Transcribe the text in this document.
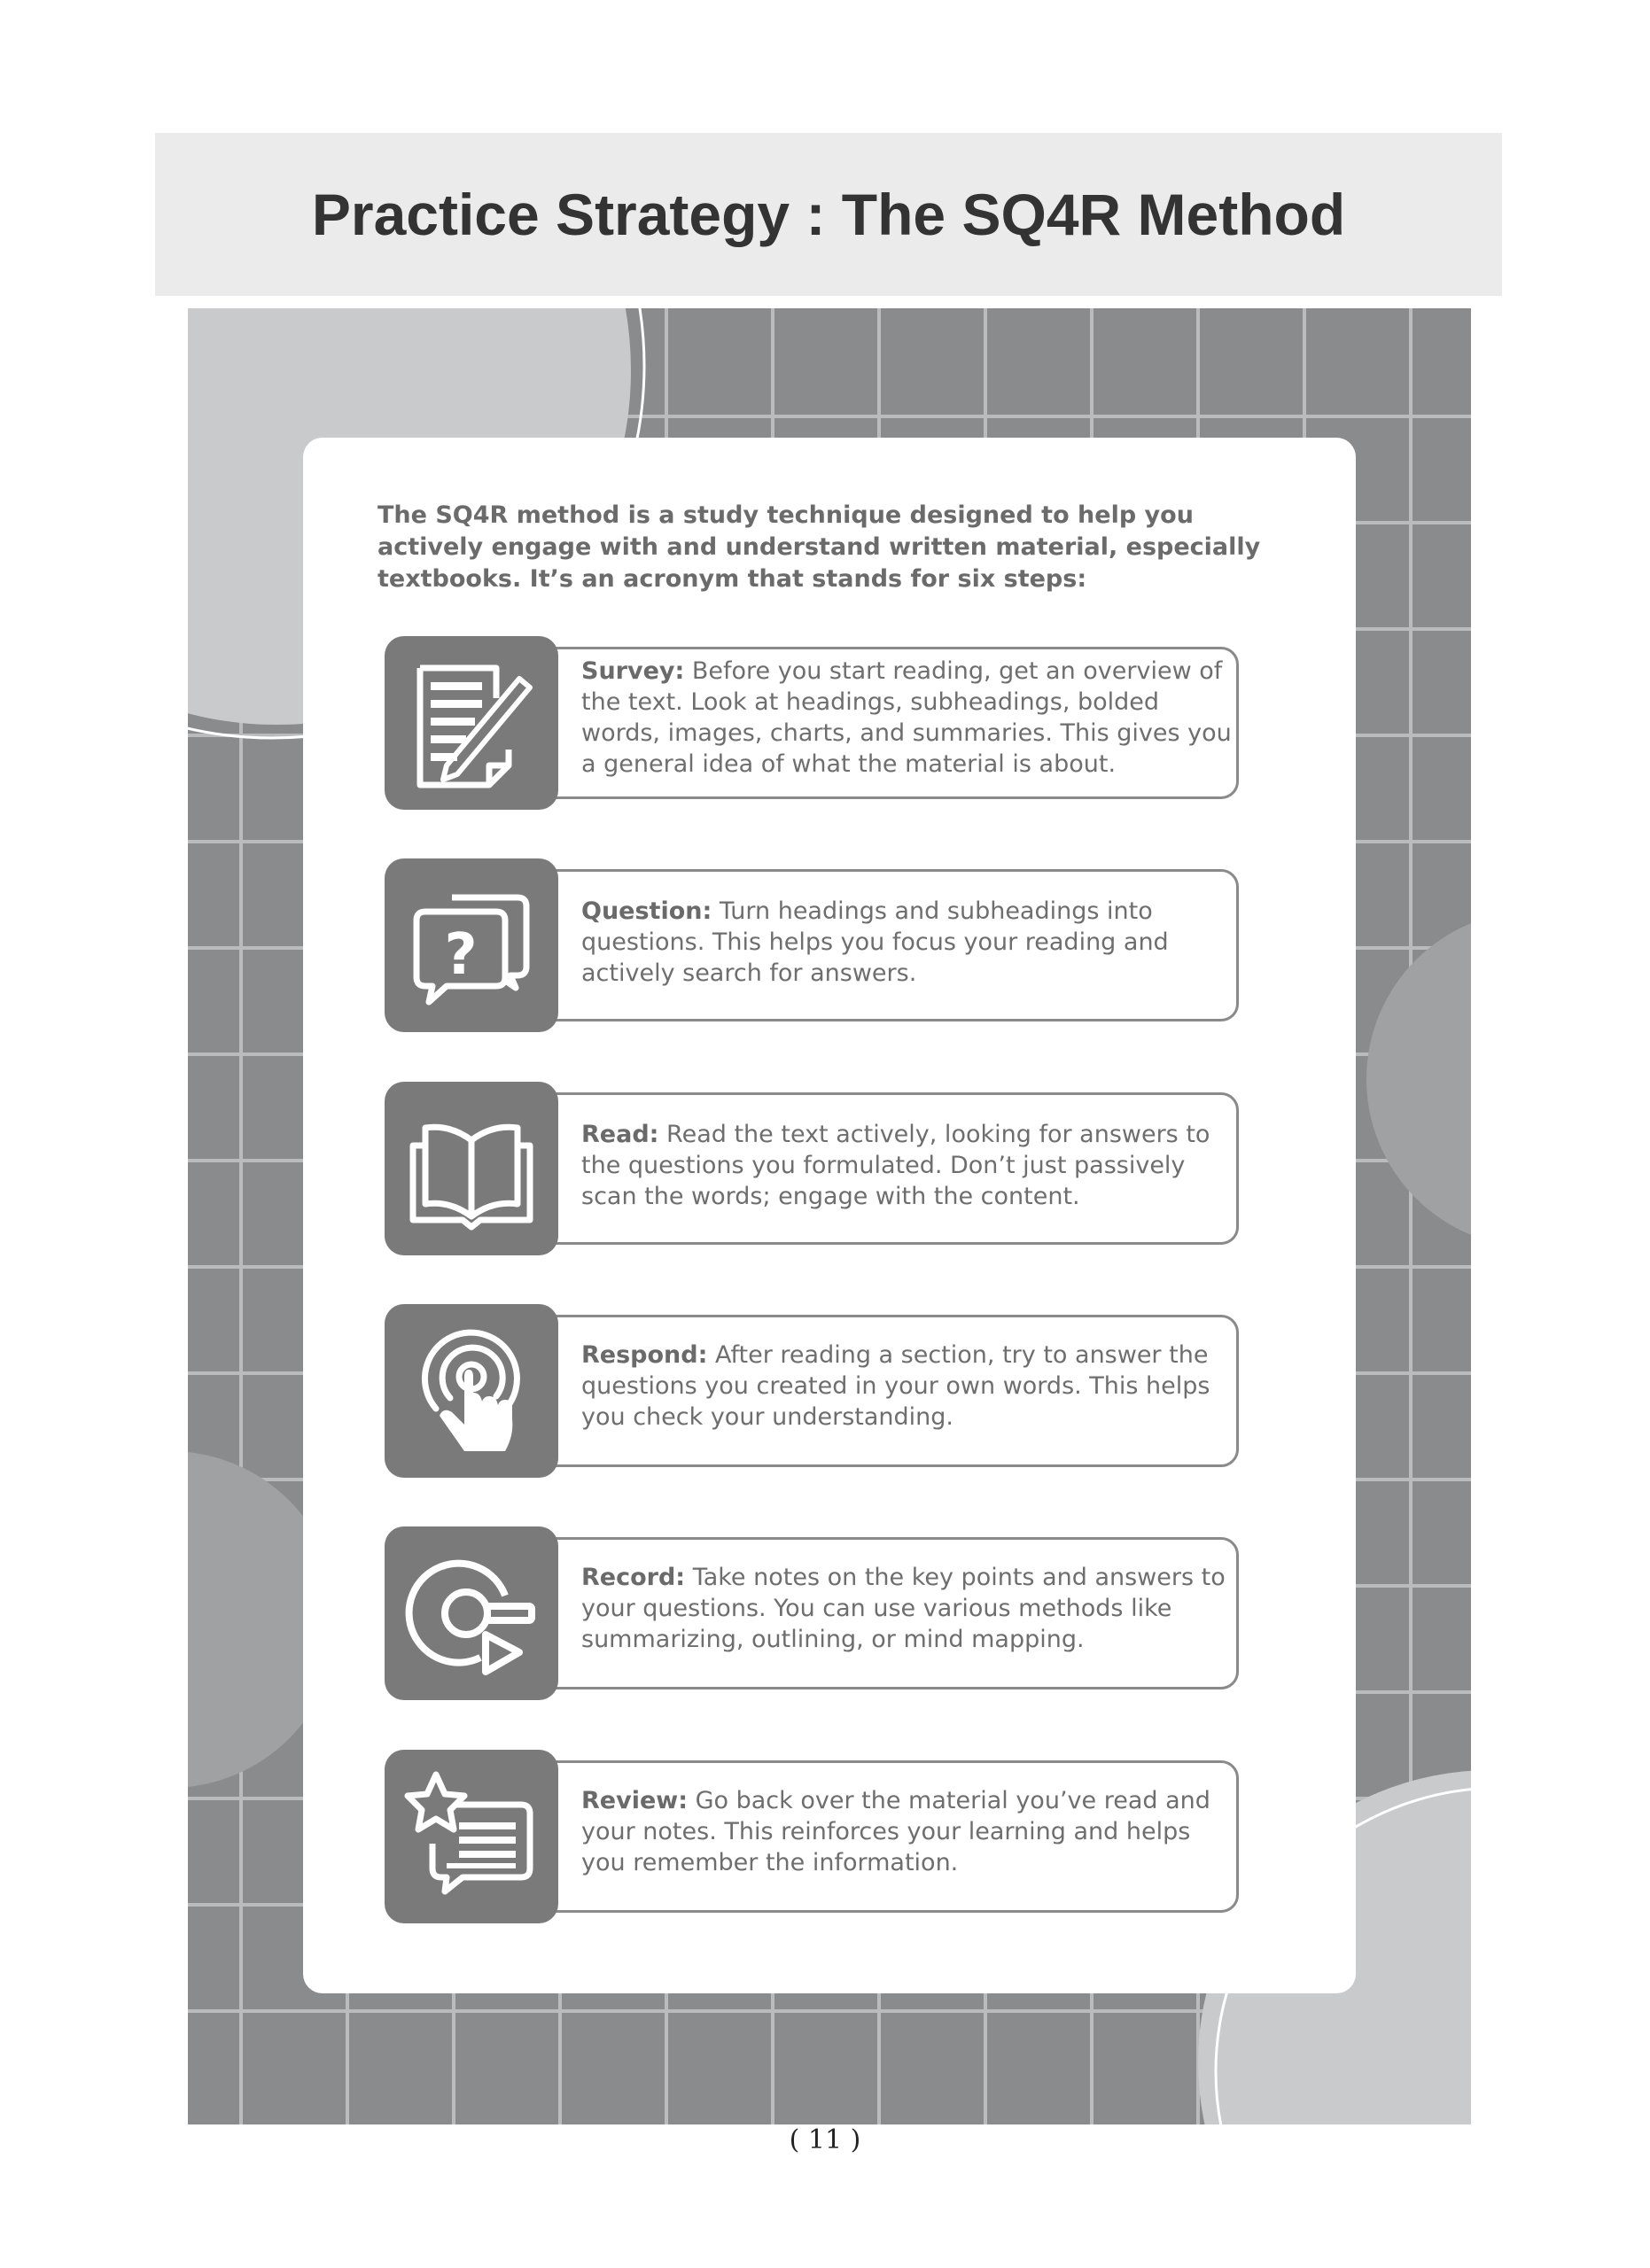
Practice Strategy : The SQ4R Method
The SQ4R method is a study technique designed to help you actively engage with and understand written material, especially textbooks. It’s an acronym that stands for six steps:
Survey: Before you start reading, get an overview of the text. Look at headings, subheadings, bolded words, images, charts, and summaries. This gives you a general idea of what the material is about.
?
Question: Turn headings and subheadings into questions. This helps you focus your reading and actively search for answers.
Read: Read the text actively, looking for answers to the questions you formulated. Don’t just passively scan the words; engage with the content.
Respond: After reading a section, try to answer the questions you created in your own words. This helps you check your understanding.
Record: Take notes on the key points and answers to your questions. You can use various methods like summarizing, outlining, or mind mapping.
Review: Go back over the material you’ve read and your notes. This reinforces your learning and helps you remember the information.
( 11 )
